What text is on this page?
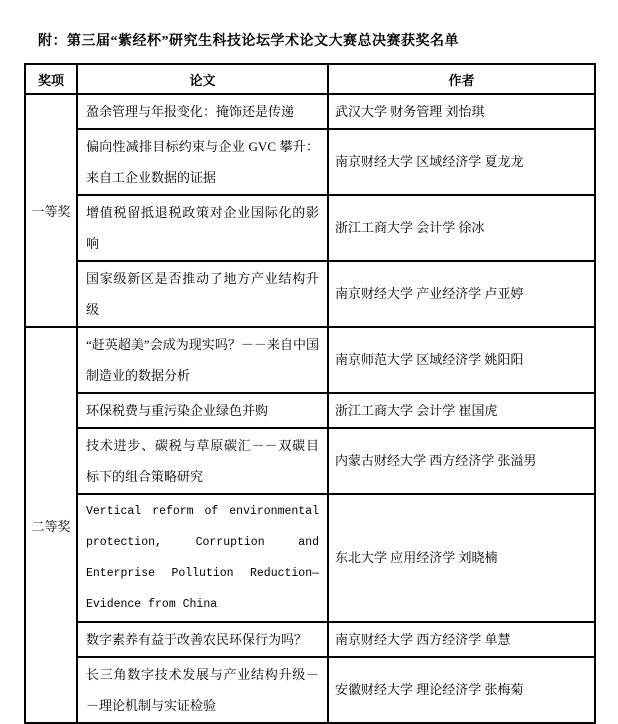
附：第三届“紫经杯”研究生科技论坛学术论文大赛总决赛获奖名单
奖项	论文	作者
一等奖	盈余管理与年报变化：掩饰还是传递	武汉大学 财务管理 刘怡琪
	偏向性减排目标约束与企业 GVC 攀升：来自工企业数据的证据	南京财经大学 区域经济学 夏龙龙
	增值税留抵退税政策对企业国际化的影响	浙江工商大学 会计学 徐冰
	国家级新区是否推动了地方产业结构升级	南京财经大学 产业经济学 卢亚婷
二等奖	“赶英超美”会成为现实吗？－－来自中国制造业的数据分析	南京师范大学 区域经济学 姚阳阳
	环保税费与重污染企业绿色并购	浙江工商大学 会计学 崔国虎
	技术进步、碳税与草原碳汇－－双碳目标下的组合策略研究	内蒙古财经大学 西方经济学 张溢男
	Vertical reform of environmental protection, Corruption and Enterprise Pollution Reduction—Evidence from China	东北大学 应用经济学 刘晓楠
	数字素养有益于改善农民环保行为吗？	南京财经大学 西方经济学 单慧
	长三角数字技术发展与产业结构升级－－理论机制与实证检验	安徽财经大学 理论经济学 张梅菊
